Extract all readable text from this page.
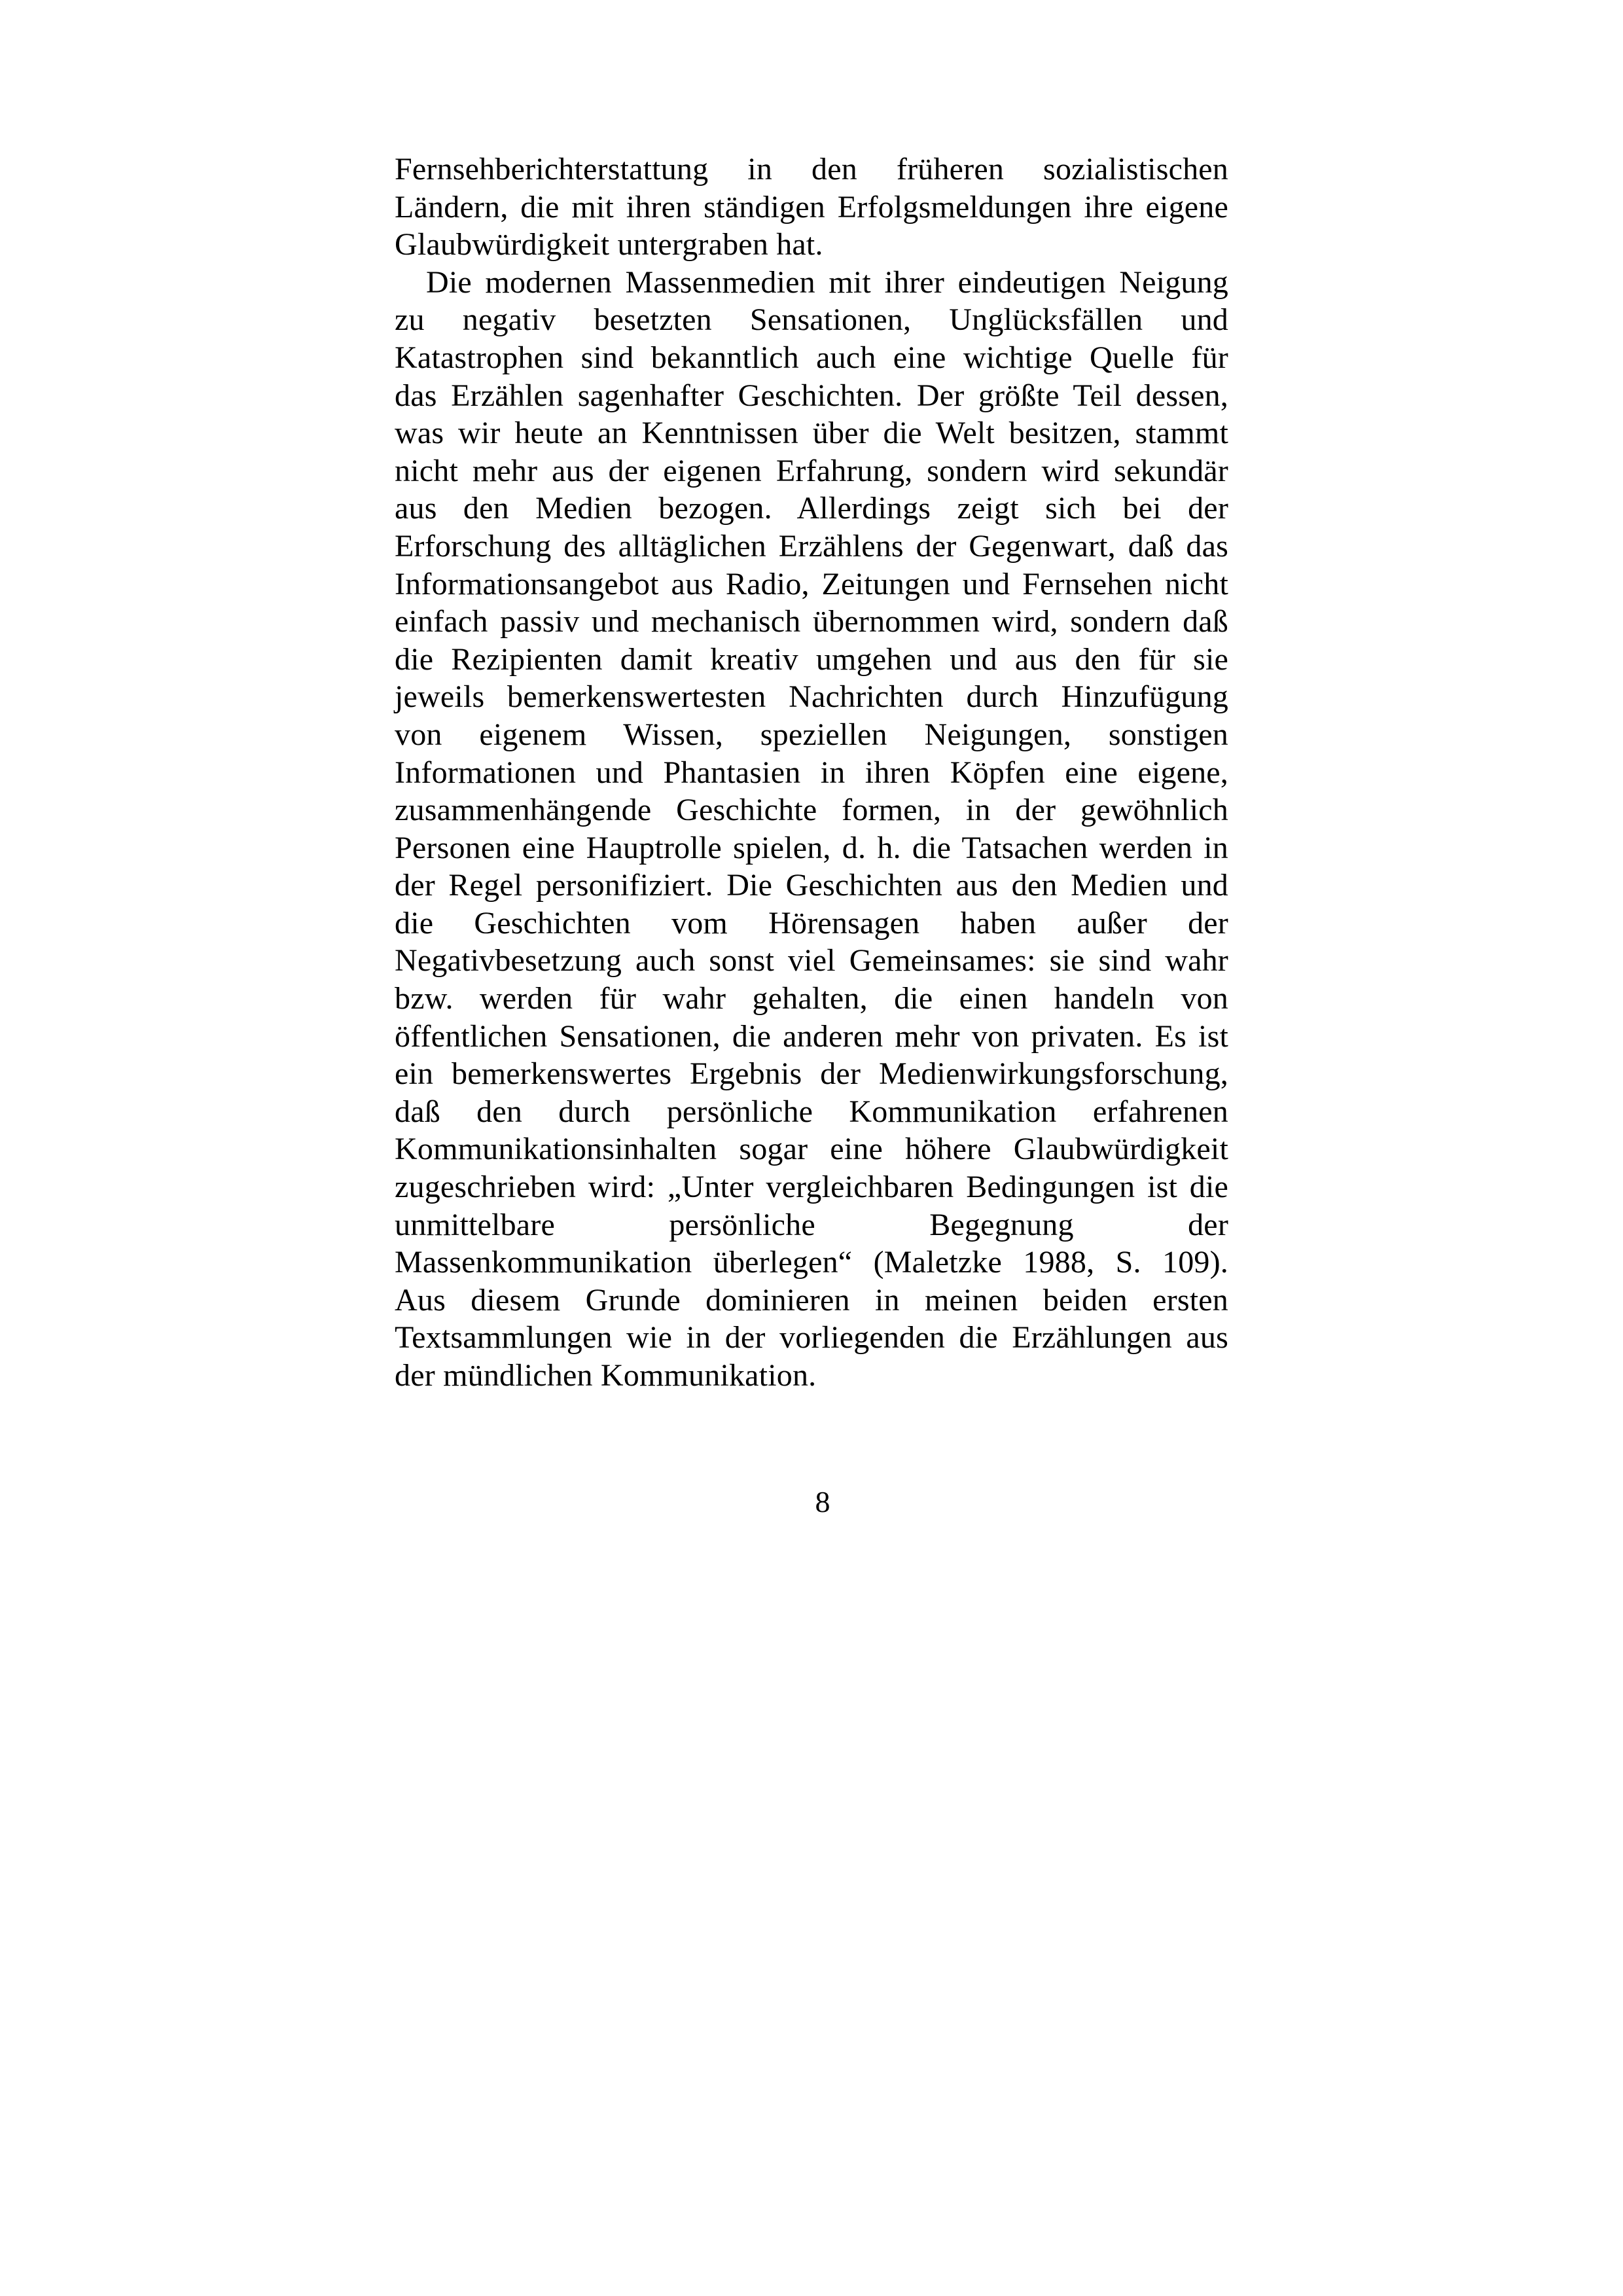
Fernsehberichterstattung in den früheren sozialistischen
Ländern, die mit ihren ständigen Erfolgsmeldungen ihre eigene
Glaubwürdigkeit untergraben hat.
Die modernen Massenmedien mit ihrer eindeutigen Neigung
zu negativ besetzten Sensationen, Unglücksfällen und
Katastrophen sind bekanntlich auch eine wichtige Quelle für
das Erzählen sagenhafter Geschichten. Der größte Teil dessen,
was wir heute an Kenntnissen über die Welt besitzen, stammt
nicht mehr aus der eigenen Erfahrung, sondern wird sekundär
aus den Medien bezogen. Allerdings zeigt sich bei der
Erforschung des alltäglichen Erzählens der Gegenwart, daß das
Informationsangebot aus Radio, Zeitungen und Fernsehen nicht
einfach passiv und mechanisch übernommen wird, sondern daß
die Rezipienten damit kreativ umgehen und aus den für sie
jeweils bemerkenswertesten Nachrichten durch Hinzufügung
von eigenem Wissen, speziellen Neigungen, sonstigen
Informationen und Phantasien in ihren Köpfen eine eigene,
zusammenhängende Geschichte formen, in der gewöhnlich
Personen eine Hauptrolle spielen, d. h. die Tatsachen werden in
der Regel personifiziert. Die Geschichten aus den Medien und
die Geschichten vom Hörensagen haben außer der
Negativbesetzung auch sonst viel Gemeinsames: sie sind wahr
bzw. werden für wahr gehalten, die einen handeln von
öffentlichen Sensationen, die anderen mehr von privaten. Es ist
ein bemerkenswertes Ergebnis der Medienwirkungsforschung,
daß den durch persönliche Kommunikation erfahrenen
Kommunikationsinhalten sogar eine höhere Glaubwürdigkeit
zugeschrieben wird: „Unter vergleichbaren Bedingungen ist die
unmittelbare persönliche Begegnung der
Massenkommunikation überlegen“ (Maletzke 1988, S. 109).
Aus diesem Grunde dominieren in meinen beiden ersten
Textsammlungen wie in der vorliegenden die Erzählungen aus
der mündlichen Kommunikation.
8
